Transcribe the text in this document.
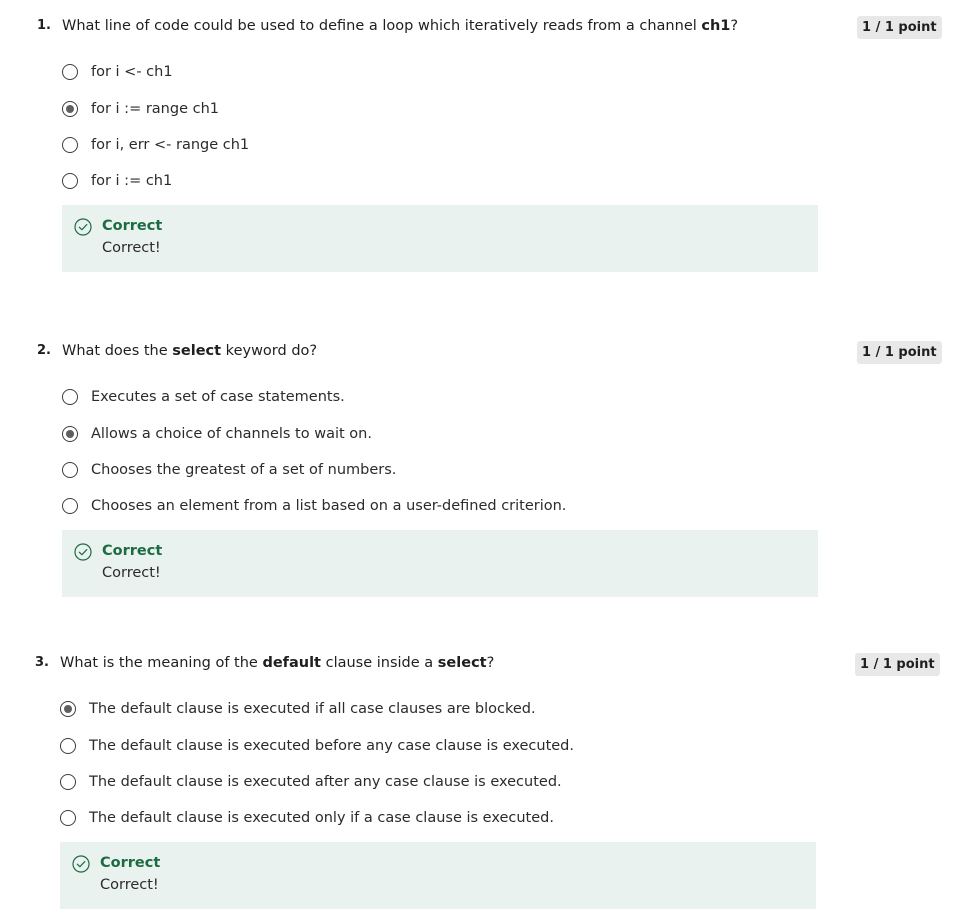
1. What line of code could be used to define a loop which iteratively reads from a channel ch1?	1 / 1 point
for i <- ch1
for i := range ch1
for i, err <- range ch1
for i := ch1
Correct
Correct!
2. What does the select keyword do?	1 / 1 point
Executes a set of case statements.
Allows a choice of channels to wait on.
Chooses the greatest of a set of numbers.
Chooses an element from a list based on a user-defined criterion.
Correct
Correct!
3. What is the meaning of the default clause inside a select?	1 / 1 point
The default clause is executed if all case clauses are blocked.
The default clause is executed before any case clause is executed.
The default clause is executed after any case clause is executed.
The default clause is executed only if a case clause is executed.
Correct
Correct!
